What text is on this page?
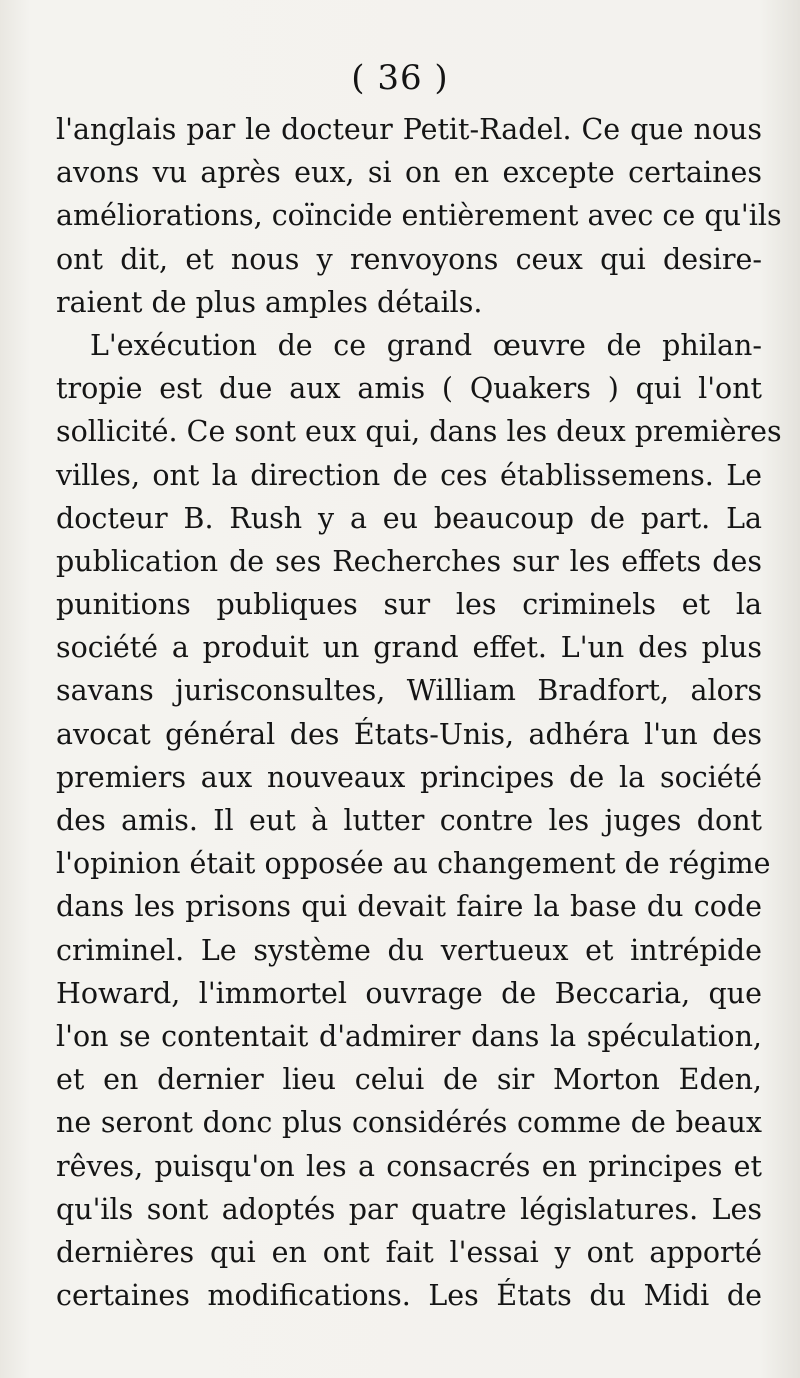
( 36 )
l'anglais par le docteur Petit-Radel. Ce que nous
avons vu après eux, si on en excepte certaines
améliorations, coïncide entièrement avec ce qu'ils
ont dit, et nous y renvoyons ceux qui desire-
raient de plus amples détails.
L'exécution de ce grand œuvre de philan-
tropie est due aux amis ( Quakers ) qui l'ont
sollicité. Ce sont eux qui, dans les deux premières
villes, ont la direction de ces établissemens. Le
docteur B. Rush y a eu beaucoup de part. La
publication de ses Recherches sur les effets des
punitions publiques sur les criminels et la
société a produit un grand effet. L'un des plus
savans jurisconsultes, William Bradfort, alors
avocat général des États-Unis, adhéra l'un des
premiers aux nouveaux principes de la société
des amis. Il eut à lutter contre les juges dont
l'opinion était opposée au changement de régime
dans les prisons qui devait faire la base du code
criminel. Le système du vertueux et intrépide
Howard, l'immortel ouvrage de Beccaria, que
l'on se contentait d'admirer dans la spéculation,
et en dernier lieu celui de sir Morton Eden,
ne seront donc plus considérés comme de beaux
rêves, puisqu'on les a consacrés en principes et
qu'ils sont adoptés par quatre législatures. Les
dernières qui en ont fait l'essai y ont apporté
certaines modifications. Les États du Midi de
